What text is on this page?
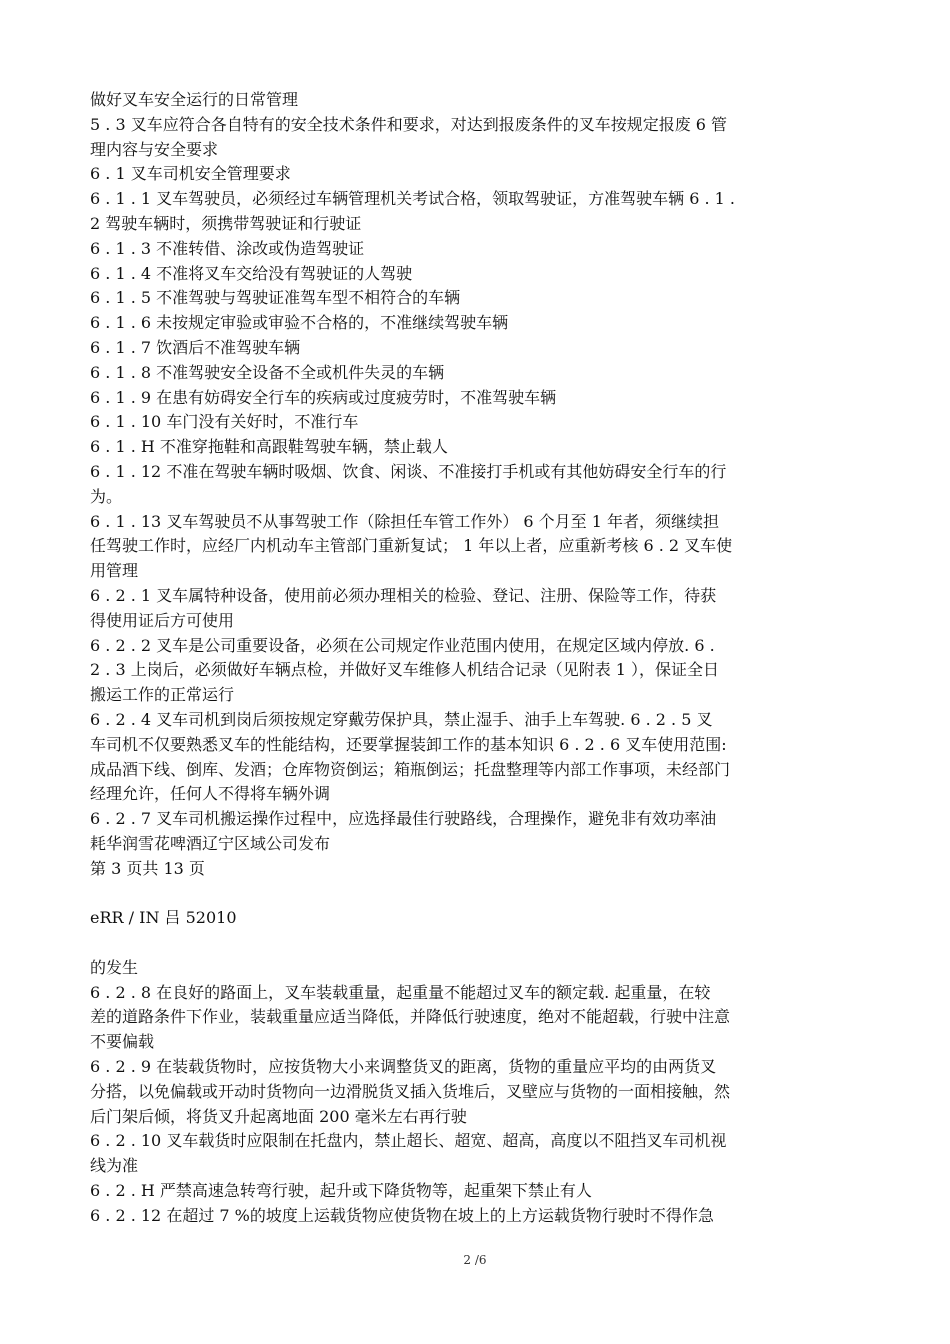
做好叉车安全运行的日常管理
5 . 3 叉车应符合各自特有的安全技术条件和要求，对达到报废条件的叉车按规定报废 6 管
理内容与安全要求
6 . 1 叉车司机安全管理要求
6 . 1 . 1 叉车驾驶员，必须经过车辆管理机关考试合格，领取驾驶证，方准驾驶车辆 6 . 1 .
2 驾驶车辆时，须携带驾驶证和行驶证
6 . 1 . 3 不准转借、涂改或伪造驾驶证
6 . 1 . 4 不准将叉车交给没有驾驶证的人驾驶
6 . 1 . 5 不准驾驶与驾驶证准驾车型不相符合的车辆
6 . 1 . 6 未按规定审验或审验不合格的，不准继续驾驶车辆
6 . 1 . 7 饮酒后不准驾驶车辆
6 . 1 . 8 不准驾驶安全设备不全或机件失灵的车辆
6 . 1 . 9 在患有妨碍安全行车的疾病或过度疲劳时，不准驾驶车辆
6 . 1 . 10 车门没有关好时，不准行车
6 . 1 . H 不准穿拖鞋和高跟鞋驾驶车辆，禁止载人
6 . 1 . 12 不准在驾驶车辆时吸烟、饮食、闲谈、不准接打手机或有其他妨碍安全行车的行
为。
6 . 1 . 13 叉车驾驶员不从事驾驶工作（除担任车管工作外） 6 个月至 1 年者，须继续担
任驾驶工作时，应经厂内机动车主管部门重新复试； 1 年以上者，应重新考核 6 . 2 叉车使
用管理
6 . 2 . 1 叉车属特种设备，使用前必须办理相关的检验、登记、注册、保险等工作，待获
得使用证后方可使用
6 . 2 . 2 叉车是公司重要设备，必须在公司规定作业范围内使用，在规定区域内停放. 6 .
2 . 3 上岗后，必须做好车辆点检，并做好叉车维修人机结合记录（见附表 1 ），保证全日
搬运工作的正常运行
6 . 2 . 4 叉车司机到岗后须按规定穿戴劳保护具，禁止湿手、油手上车驾驶. 6 . 2 . 5 叉
车司机不仅要熟悉叉车的性能结构，还要掌握装卸工作的基本知识 6 . 2 . 6 叉车使用范围:
成品酒下线、倒库、发酒；仓库物资倒运；箱瓶倒运；托盘整理等内部工作事项，未经部门
经理允许，任何人不得将车辆外调
6 . 2 . 7 叉车司机搬运操作过程中，应选择最佳行驶路线，合理操作，避免非有效功率油
耗华润雪花啤酒辽宁区域公司发布
第 3 页共 13 页
eRR / IN 吕 52010
的发生
6 . 2 . 8 在良好的路面上，叉车装载重量，起重量不能超过叉车的额定载. 起重量，在较
差的道路条件下作业，装载重量应适当降低，并降低行驶速度，绝对不能超载，行驶中注意
不要偏载
6 . 2 . 9 在装载货物时，应按货物大小来调整货叉的距离，货物的重量应平均的由两货叉
分搭，以免偏载或开动时货物向一边滑脱货叉插入货堆后，叉壁应与货物的一面相接触，然
后门架后倾，将货叉升起离地面 200 毫米左右再行驶
6 . 2 . 10 叉车载货时应限制在托盘内，禁止超长、超宽、超高，高度以不阻挡叉车司机视
线为准
6 . 2 . H 严禁高速急转弯行驶，起升或下降货物等，起重架下禁止有人
6 . 2 . 12 在超过 7 %的坡度上运载货物应使货物在坡上的上方运载货物行驶时不得作急
2 /6
